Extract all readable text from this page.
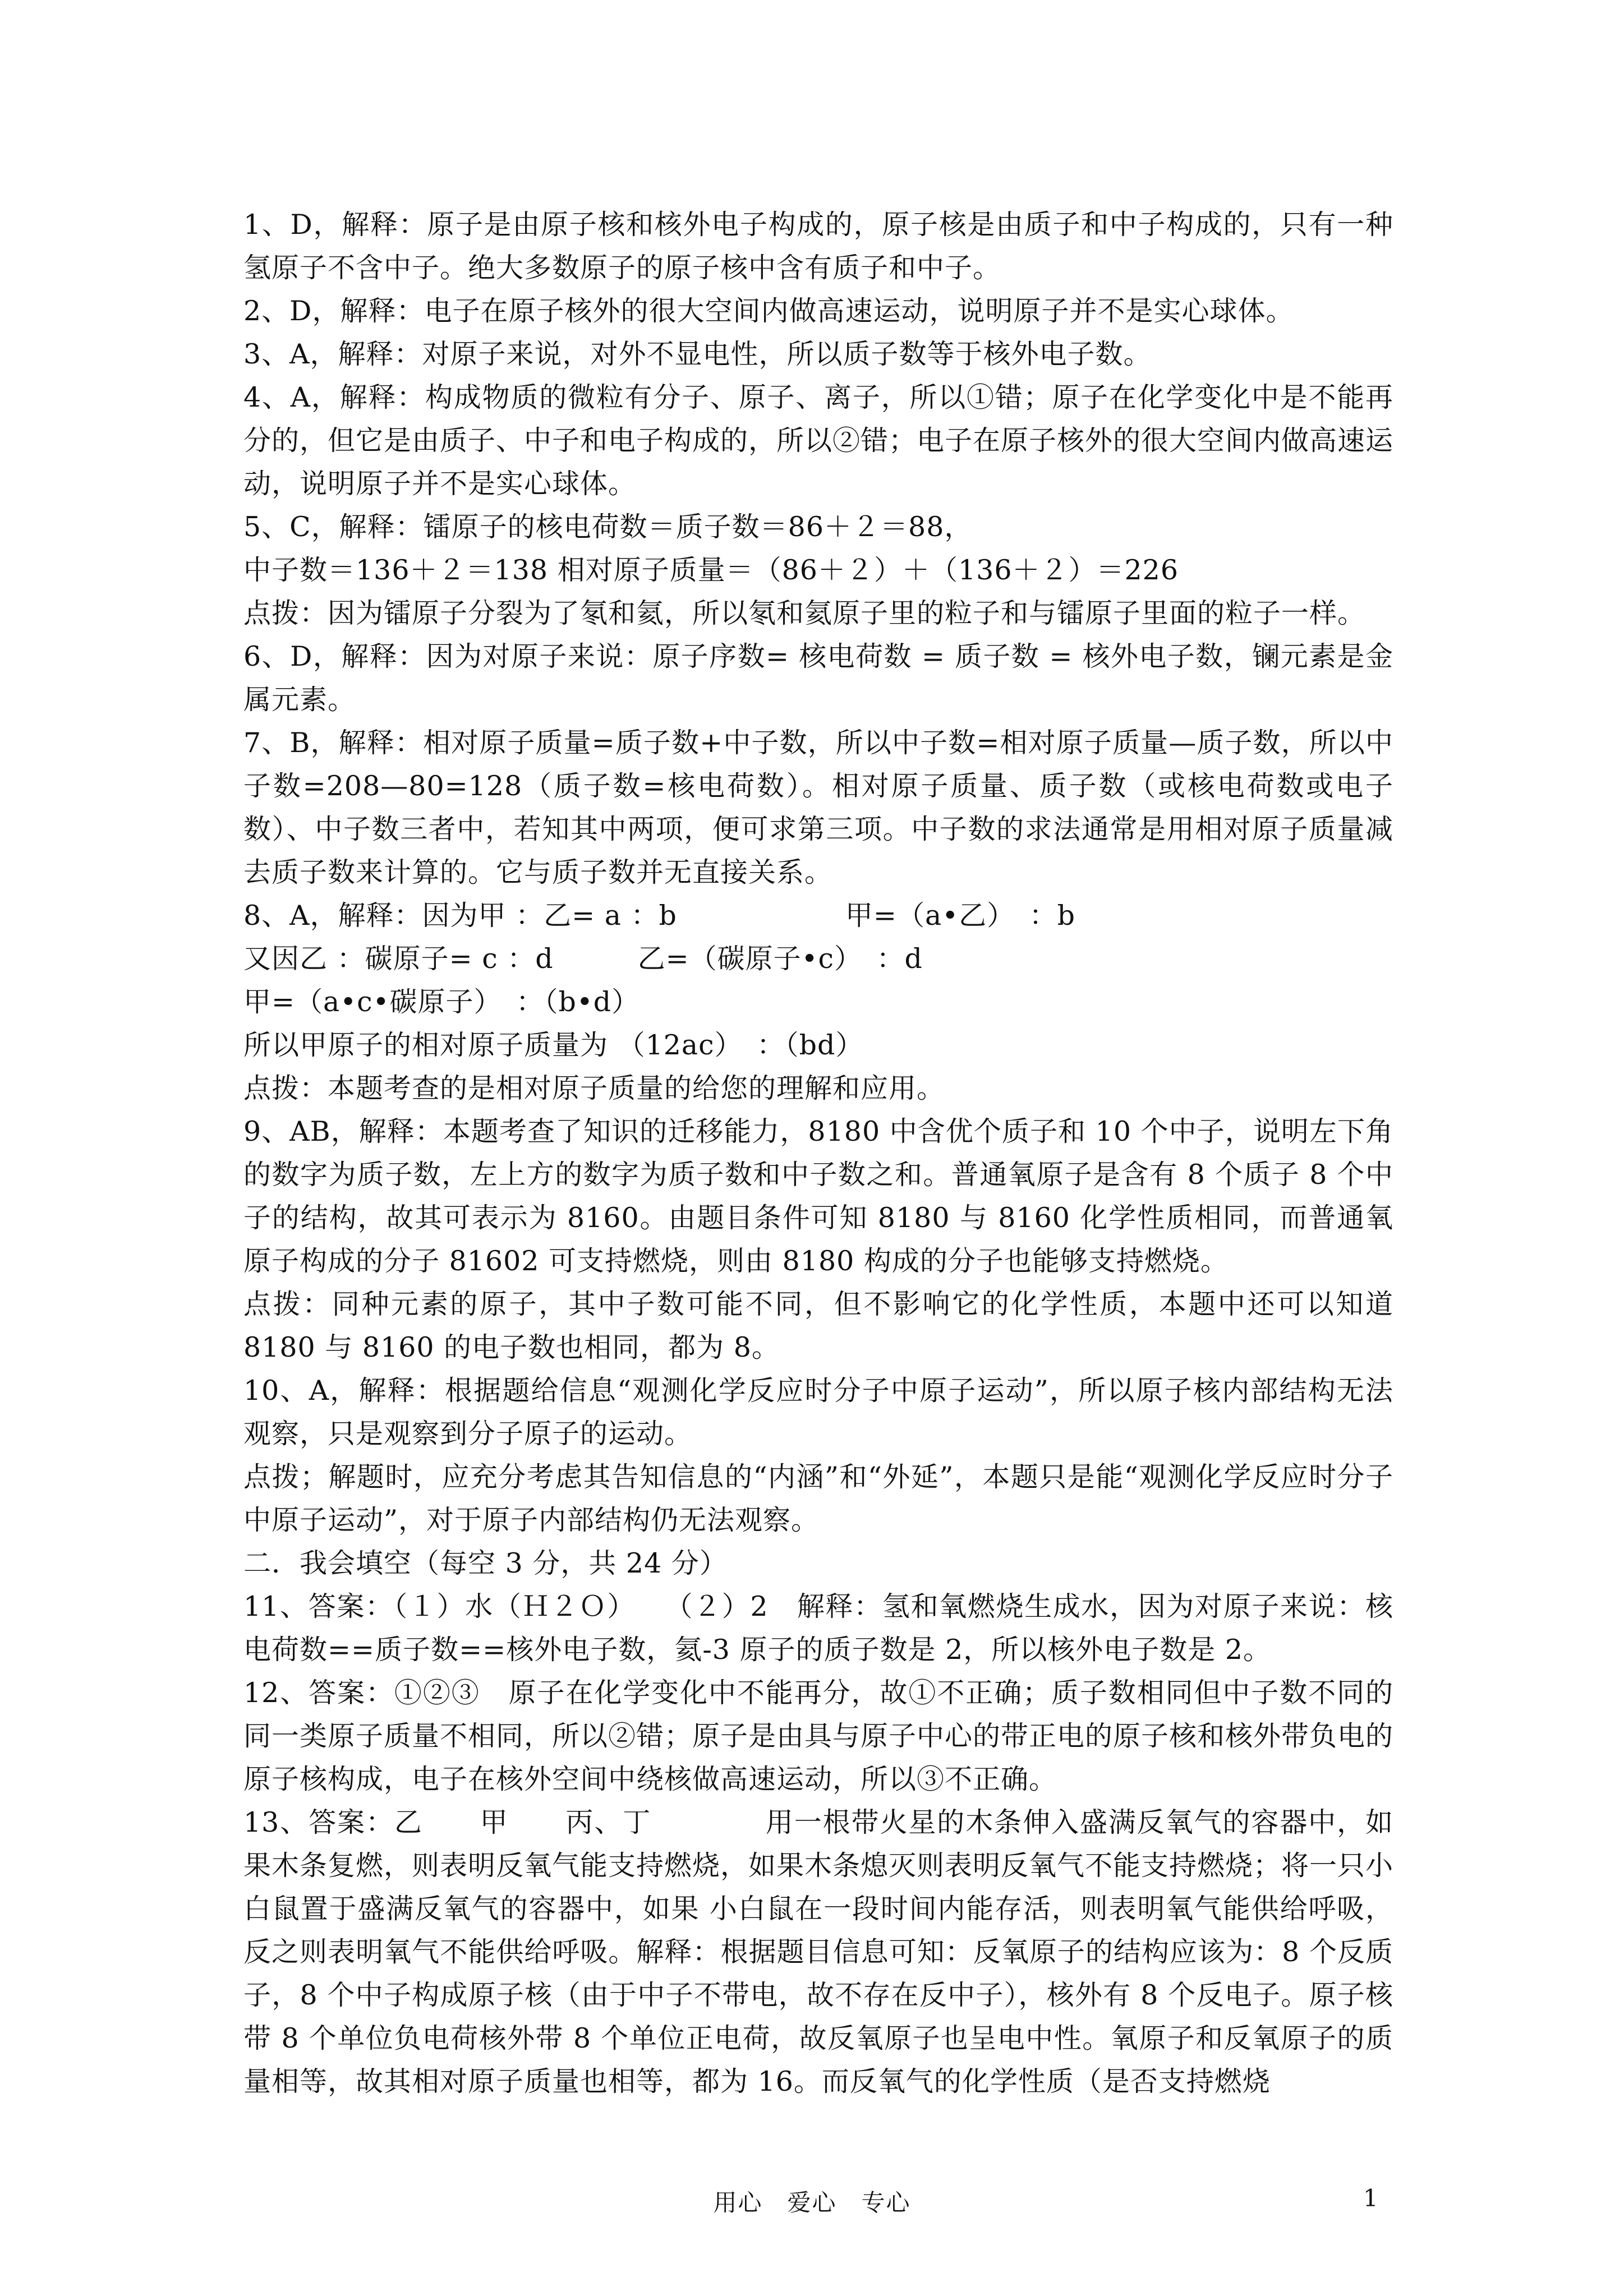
1、D，解释：原子是由原子核和核外电子构成的，原子核是由质子和中子构成的，只有一种氢原子不含中子。绝大多数原子的原子核中含有质子和中子。

2、D，解释：电子在原子核外的很大空间内做高速运动，说明原子并不是实心球体。

3、A，解释：对原子来说，对外不显电性，所以质子数等于核外电子数。

4、A，解释：构成物质的微粒有分子、原子、离子，所以①错；原子在化学变化中是不能再分的，但它是由质子、中子和电子构成的，所以②错；电子在原子核外的很大空间内做高速运动，说明原子并不是实心球体。

5、C，解释：镭原子的核电荷数＝质子数＝86＋２＝88，

中子数＝136＋２＝138 相对原子质量＝（86＋２）＋（136＋２）＝226

点拨：因为镭原子分裂为了氡和氦，所以氡和氦原子里的粒子和与镭原子里面的粒子一样。

6、D，解释：因为对原子来说：原子序数= 核电荷数 = 质子数 = 核外电子数，镧元素是金属元素。

7、B，解释：相对原子质量=质子数+中子数，所以中子数=相对原子质量—质子数，所以中子数=208—80=128（质子数=核电荷数）。相对原子质量、质子数（或核电荷数或电子数）、中子数三者中，若知其中两项，便可求第三项。中子数的求法通常是用相对原子质量减去质子数来计算的。它与质子数并无直接关系。

8、A，解释：因为甲 ：乙= a ：b　　　　　　甲=（a•乙）　：b

又因乙 ：碳原子= c ：d　　　乙=（碳原子•c）　：d

甲=（a•c•碳原子）　：（b•d）

所以甲原子的相对原子质量为 （12ac）　：（bd）

点拨：本题考查的是相对原子质量的给您的理解和应用。

9、AB，解释：本题考查了知识的迁移能力，8180 中含优个质子和 10 个中子，说明左下角的数字为质子数，左上方的数字为质子数和中子数之和。普通氧原子是含有 8 个质子 8 个中子的结构，故其可表示为 8160。由题目条件可知 8180 与 8160 化学性质相同，而普通氧原子构成的分子 81602 可支持燃烧，则由 8180 构成的分子也能够支持燃烧。

点拨：同种元素的原子，其中子数可能不同，但不影响它的化学性质，本题中还可以知道 8180 与 8160 的电子数也相同，都为 8。

10、A，解释：根据题给信息“观测化学反应时分子中原子运动”，所以原子核内部结构无法观察，只是观察到分子原子的运动。

点拨；解题时，应充分考虑其告知信息的“内涵”和“外延”，本题只是能“观测化学反应时分子中原子运动”，对于原子内部结构仍无法观察。

二．我会填空（每空 3 分，共 24 分）

11、答案：（１）水（Ｈ２Ｏ）　　（２）2　解释：氢和氧燃烧生成水，因为对原子来说：核电荷数==质子数==核外电子数，氦-3 原子的质子数是 2，所以核外电子数是 2。

12、答案：①②③　原子在化学变化中不能再分，故①不正确；质子数相同但中子数不同的同一类原子质量不相同，所以②错；原子是由具与原子中心的带正电的原子核和核外带负电的原子核构成，电子在核外空间中绕核做高速运动，所以③不正确。

13、答案：乙　　甲　　丙、丁　　　　用一根带火星的木条伸入盛满反氧气的容器中，如果木条复燃，则表明反氧气能支持燃烧，如果木条熄灭则表明反氧气不能支持燃烧；将一只小白鼠置于盛满反氧气的容器中，如果 小白鼠在一段时间内能存活，则表明氧气能供给呼吸，反之则表明氧气不能供给呼吸。解释：根据题目信息可知：反氧原子的结构应该为：8 个反质子，8 个中子构成原子核（由于中子不带电，故不存在反中子），核外有 8 个反电子。原子核带 8 个单位负电荷核外带 8 个单位正电荷，故反氧原子也呈电中性。氧原子和反氧原子的质量相等，故其相对原子质量也相等，都为 16。而反氧气的化学性质（是否支持燃烧

用心　爱心　专心	1
